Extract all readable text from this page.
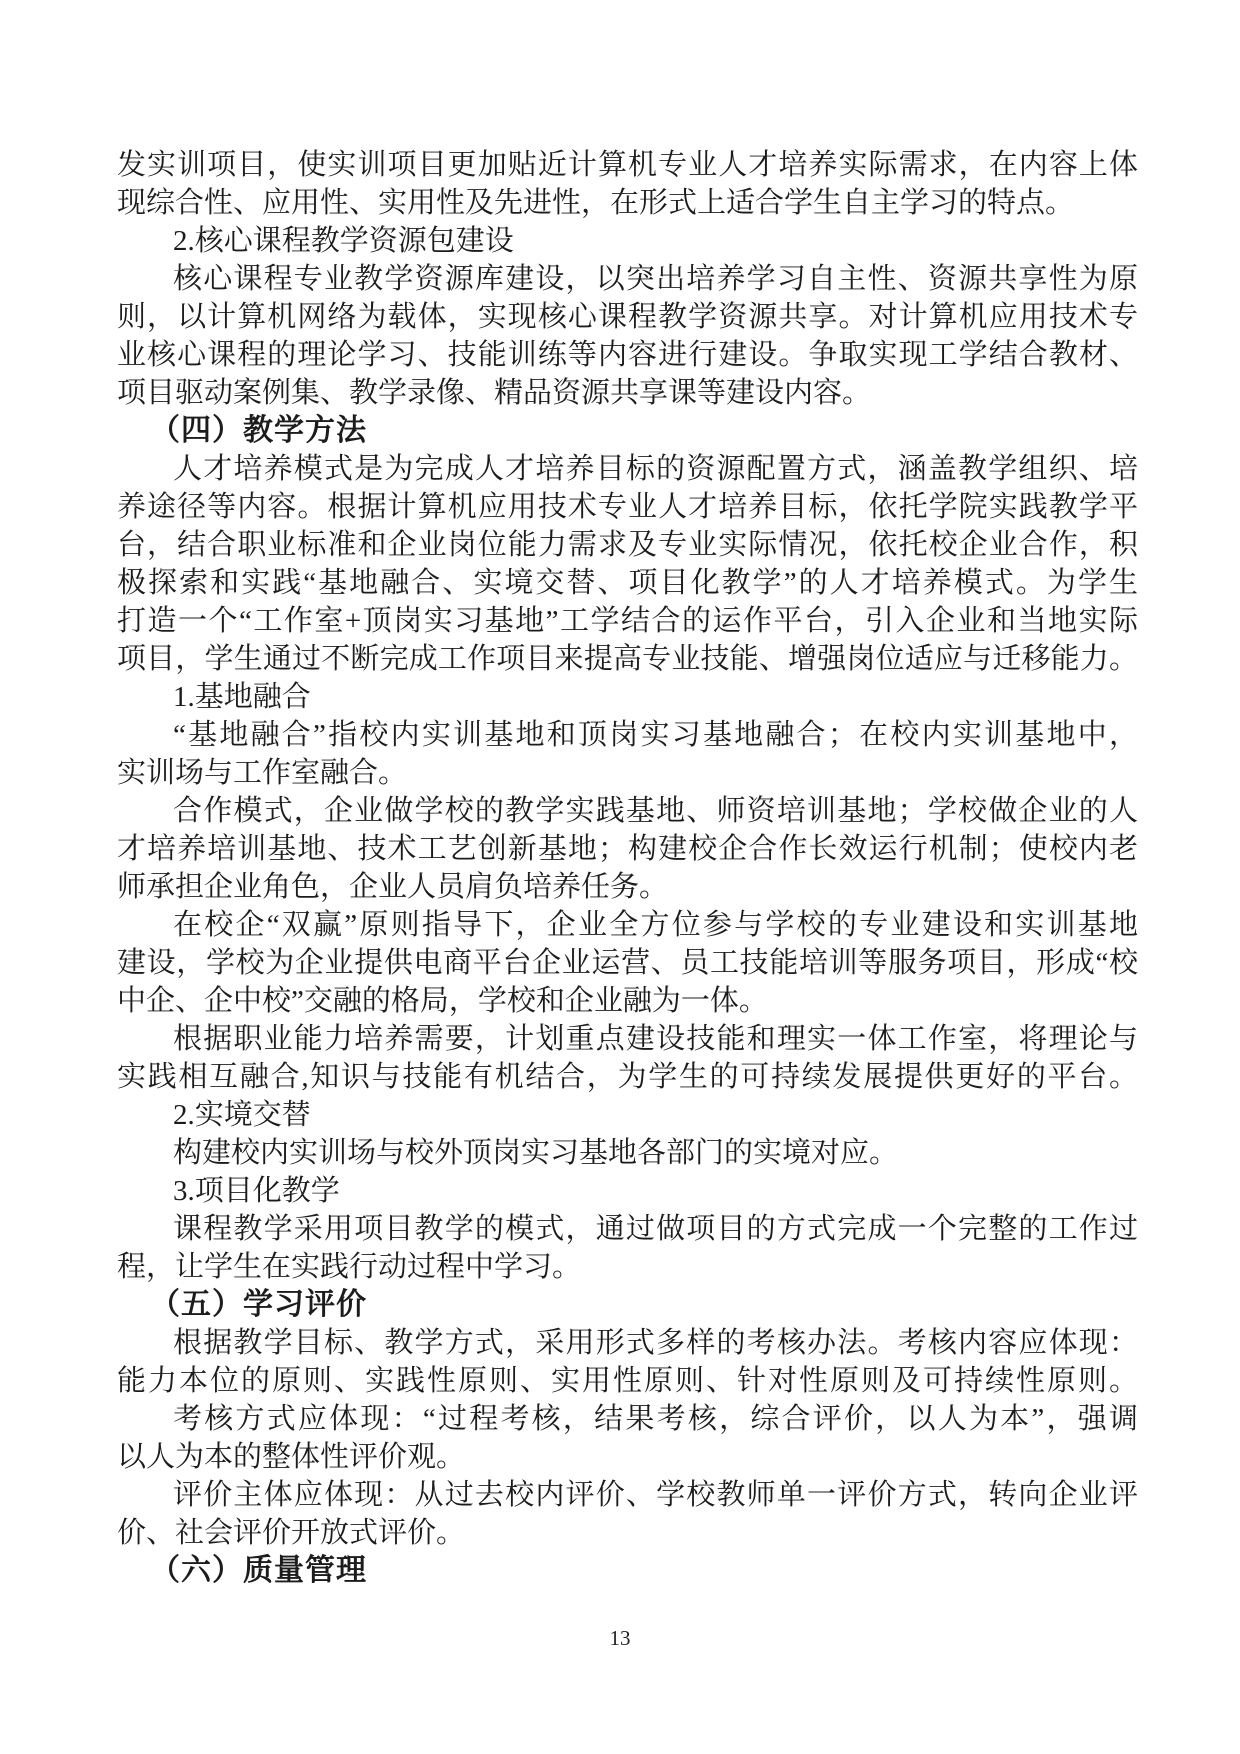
发实训项目，使实训项目更加贴近计算机专业人才培养实际需求，在内容上体
现综合性、应用性、实用性及先进性，在形式上适合学生自主学习的特点。
2.核心课程教学资源包建设
核心课程专业教学资源库建设，以突出培养学习自主性、资源共享性为原
则，以计算机网络为载体，实现核心课程教学资源共享。对计算机应用技术专
业核心课程的理论学习、技能训练等内容进行建设。争取实现工学结合教材、
项目驱动案例集、教学录像、精品资源共享课等建设内容。
（四）教学方法
人才培养模式是为完成人才培养目标的资源配置方式，涵盖教学组织、培
养途径等内容。根据计算机应用技术专业人才培养目标，依托学院实践教学平
台，结合职业标准和企业岗位能力需求及专业实际情况，依托校企业合作，积
极探索和实践“基地融合、实境交替、项目化教学”的人才培养模式。为学生
打造一个“工作室+顶岗实习基地”工学结合的运作平台，引入企业和当地实际
项目，学生通过不断完成工作项目来提高专业技能、增强岗位适应与迁移能力。
1.基地融合
“基地融合”指校内实训基地和顶岗实习基地融合；在校内实训基地中，
实训场与工作室融合。
合作模式，企业做学校的教学实践基地、师资培训基地；学校做企业的人
才培养培训基地、技术工艺创新基地；构建校企合作长效运行机制；使校内老
师承担企业角色，企业人员肩负培养任务。
在校企“双赢”原则指导下，企业全方位参与学校的专业建设和实训基地
建设，学校为企业提供电商平台企业运营、员工技能培训等服务项目，形成“校
中企、企中校”交融的格局，学校和企业融为一体。
根据职业能力培养需要，计划重点建设技能和理实一体工作室，将理论与
实践相互融合,知识与技能有机结合，为学生的可持续发展提供更好的平台。
2.实境交替
构建校内实训场与校外顶岗实习基地各部门的实境对应。
3.项目化教学
课程教学采用项目教学的模式，通过做项目的方式完成一个完整的工作过
程，让学生在实践行动过程中学习。
（五）学习评价
根据教学目标、教学方式，采用形式多样的考核办法。考核内容应体现：
能力本位的原则、实践性原则、实用性原则、针对性原则及可持续性原则。
考核方式应体现：“过程考核，结果考核，综合评价，以人为本”，强调
以人为本的整体性评价观。
评价主体应体现：从过去校内评价、学校教师单一评价方式，转向企业评
价、社会评价开放式评价。
（六）质量管理
13
